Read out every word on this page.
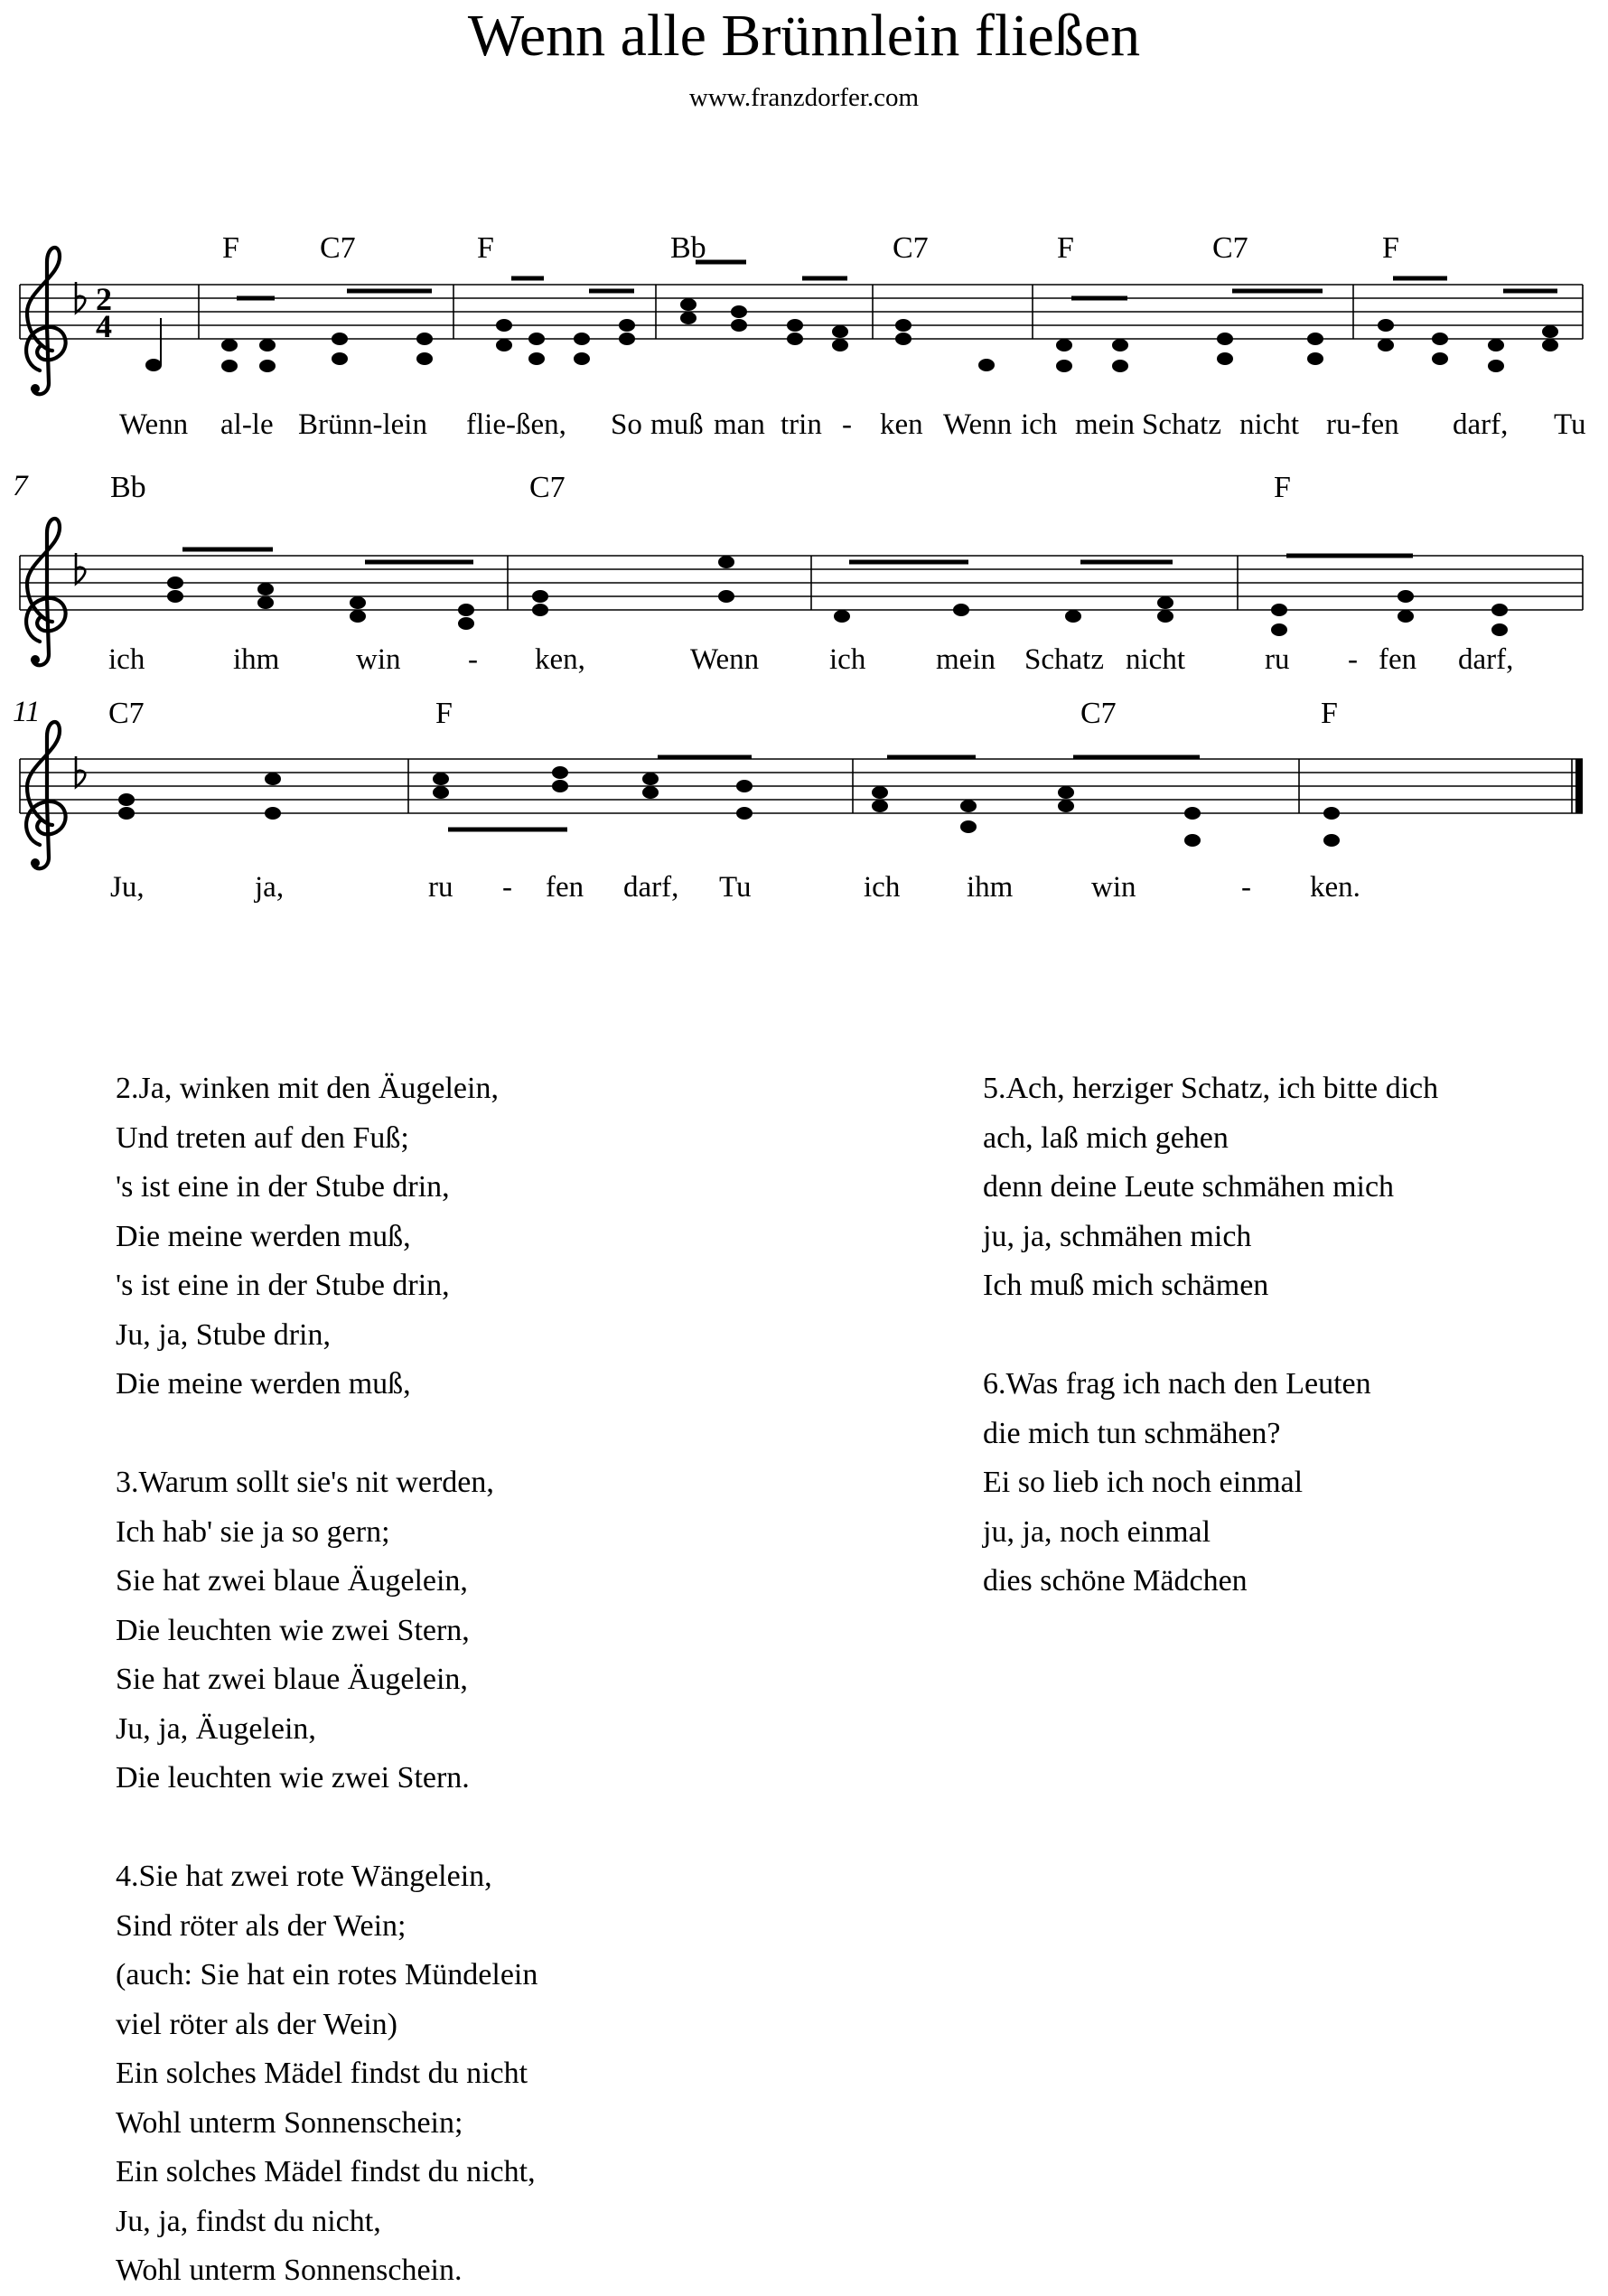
Wenn alle Brünnlein fließen
www.franzdorfer.com
2
4
F	C7	F	Bb	C7	F	C7	F
Bb	C7	F
C7	F	C7	F
7
11
Wenn al-le Brünn-lein flie-ßen, So muß man trin - ken Wenn ich mein Schatz nicht ru-fen darf, Tu
ich	ihm	win - ken,	Wenn ich mein Schatz nicht	ru - fen darf,
Ju,	ja,	ru - fen darf, Tu	ich ihm	win	- ken.
2.Ja, winken mit den Äugelein,
Und treten auf den Fuß;
's ist eine in der Stube drin,
Die meine werden muß,
's ist eine in der Stube drin,
Ju, ja, Stube drin,
Die meine werden muß,
3.Warum sollt sie's nit werden,
Ich hab' sie ja so gern;
Sie hat zwei blaue Äugelein,
Die leuchten wie zwei Stern,
Sie hat zwei blaue Äugelein,
Ju, ja, Äugelein,
Die leuchten wie zwei Stern.
4.Sie hat zwei rote Wängelein,
Sind röter als der Wein;
(auch: Sie hat ein rotes Mündelein
viel röter als der Wein)
Ein solches Mädel findst du nicht
Wohl unterm Sonnenschein;
Ein solches Mädel findst du nicht,
Ju, ja, findst du nicht,
Wohl unterm Sonnenschein.
5.Ach, herziger Schatz, ich bitte dich
ach, laß mich gehen
denn deine Leute schmähen mich
ju, ja, schmähen mich
Ich muß mich schämen
6.Was frag ich nach den Leuten
die mich tun schmähen?
Ei so lieb ich noch einmal
ju, ja, noch einmal
dies schöne Mädchen
